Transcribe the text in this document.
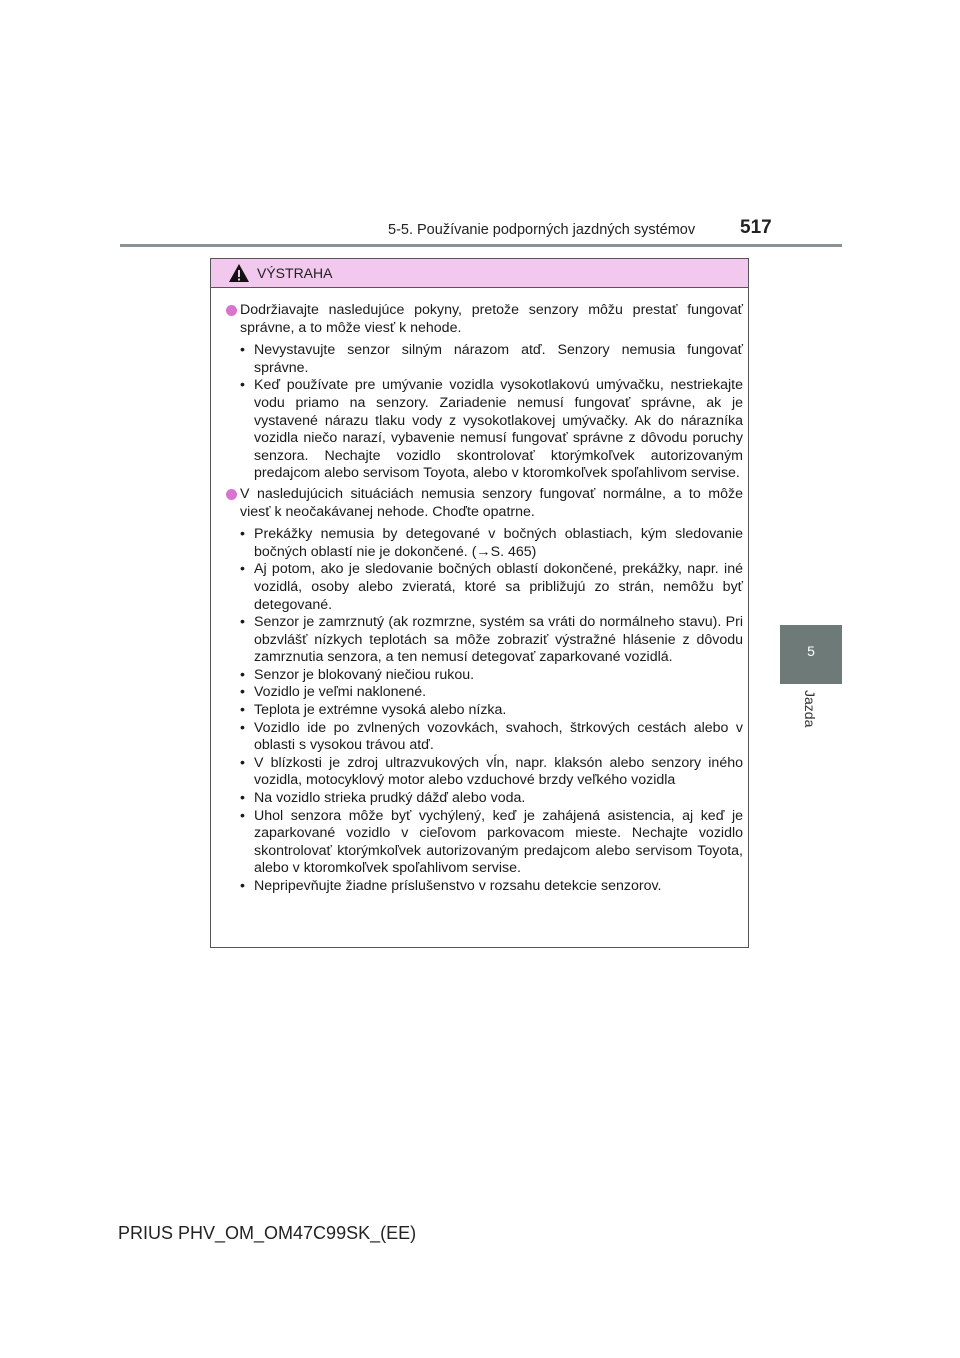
5-5. Používanie podporných jazdných systémov 517
5
Jazda
VÝSTRAHA

Dodržiavajte nasledujúce pokyny, pretože senzory môžu prestať fungovať správne, a to môže viesť k nehode.

• Nevystavujte senzor silným nárazom atď. Senzory nemusia fungovať správne.
• Keď používate pre umývanie vozidla vysokotlakovú umývačku, nestriekajte vodu priamo na senzory. Zariadenie nemusí fungovať správne, ak je vystavené nárazu tlaku vody z vysokotlakovej umývačky. Ak do nárazníka vozidla niečo narazí, vybavenie nemusí fungovať správne z dôvodu poruchy senzora. Nechajte vozidlo skontrolovať ktorýmkoľvek autorizovaným predajcom alebo servisom Toyota, alebo v ktoromkoľvek spoľahlivom servise.

V nasledujúcich situáciách nemusia senzory fungovať normálne, a to môže viesť k neočakávanej nehode. Choďte opatrne.

• Prekážky nemusia by detegované v bočných oblastiach, kým sledovanie bočných oblastí nie je dokončené. (→S. 465)
• Aj potom, ako je sledovanie bočných oblastí dokončené, prekážky, napr. iné vozidlá, osoby alebo zvieratá, ktoré sa približujú zo strán, nemôžu byť detegované.
• Senzor je zamrznutý (ak rozmrzne, systém sa vráti do normálneho stavu). Pri obzvlášť nízkych teplotách sa môže zobraziť výstražné hlásenie z dôvodu zamrznutia senzora, a ten nemusí detegovať zaparkované vozidlá.
• Senzor je blokovaný niečiou rukou.
• Vozidlo je veľmi naklonené.
• Teplota je extrémne vysoká alebo nízka.
• Vozidlo ide po zvlnených vozovkách, svahoch, štrkových cestách alebo v oblasti s vysokou trávou atď.
• V blízkosti je zdroj ultrazvukových vĺn, napr. klaksón alebo senzory iného vozidla, motocyklový motor alebo vzduchové brzdy veľkého vozidla
• Na vozidlo strieka prudký dážď alebo voda.
• Uhol senzora môže byť vychýlený, keď je zahájená asistencia, aj keď je zaparkované vozidlo v cieľovom parkovacom mieste. Nechajte vozidlo skontrolovať ktorýmkoľvek autorizovaným predajcom alebo servisom Toyota, alebo v ktoromkoľvek spoľahlivom servise.
• Nepripevňujte žiadne príslušenstvo v rozsahu detekcie senzorov.
PRIUS PHV_OM_OM47C99SK_(EE)
